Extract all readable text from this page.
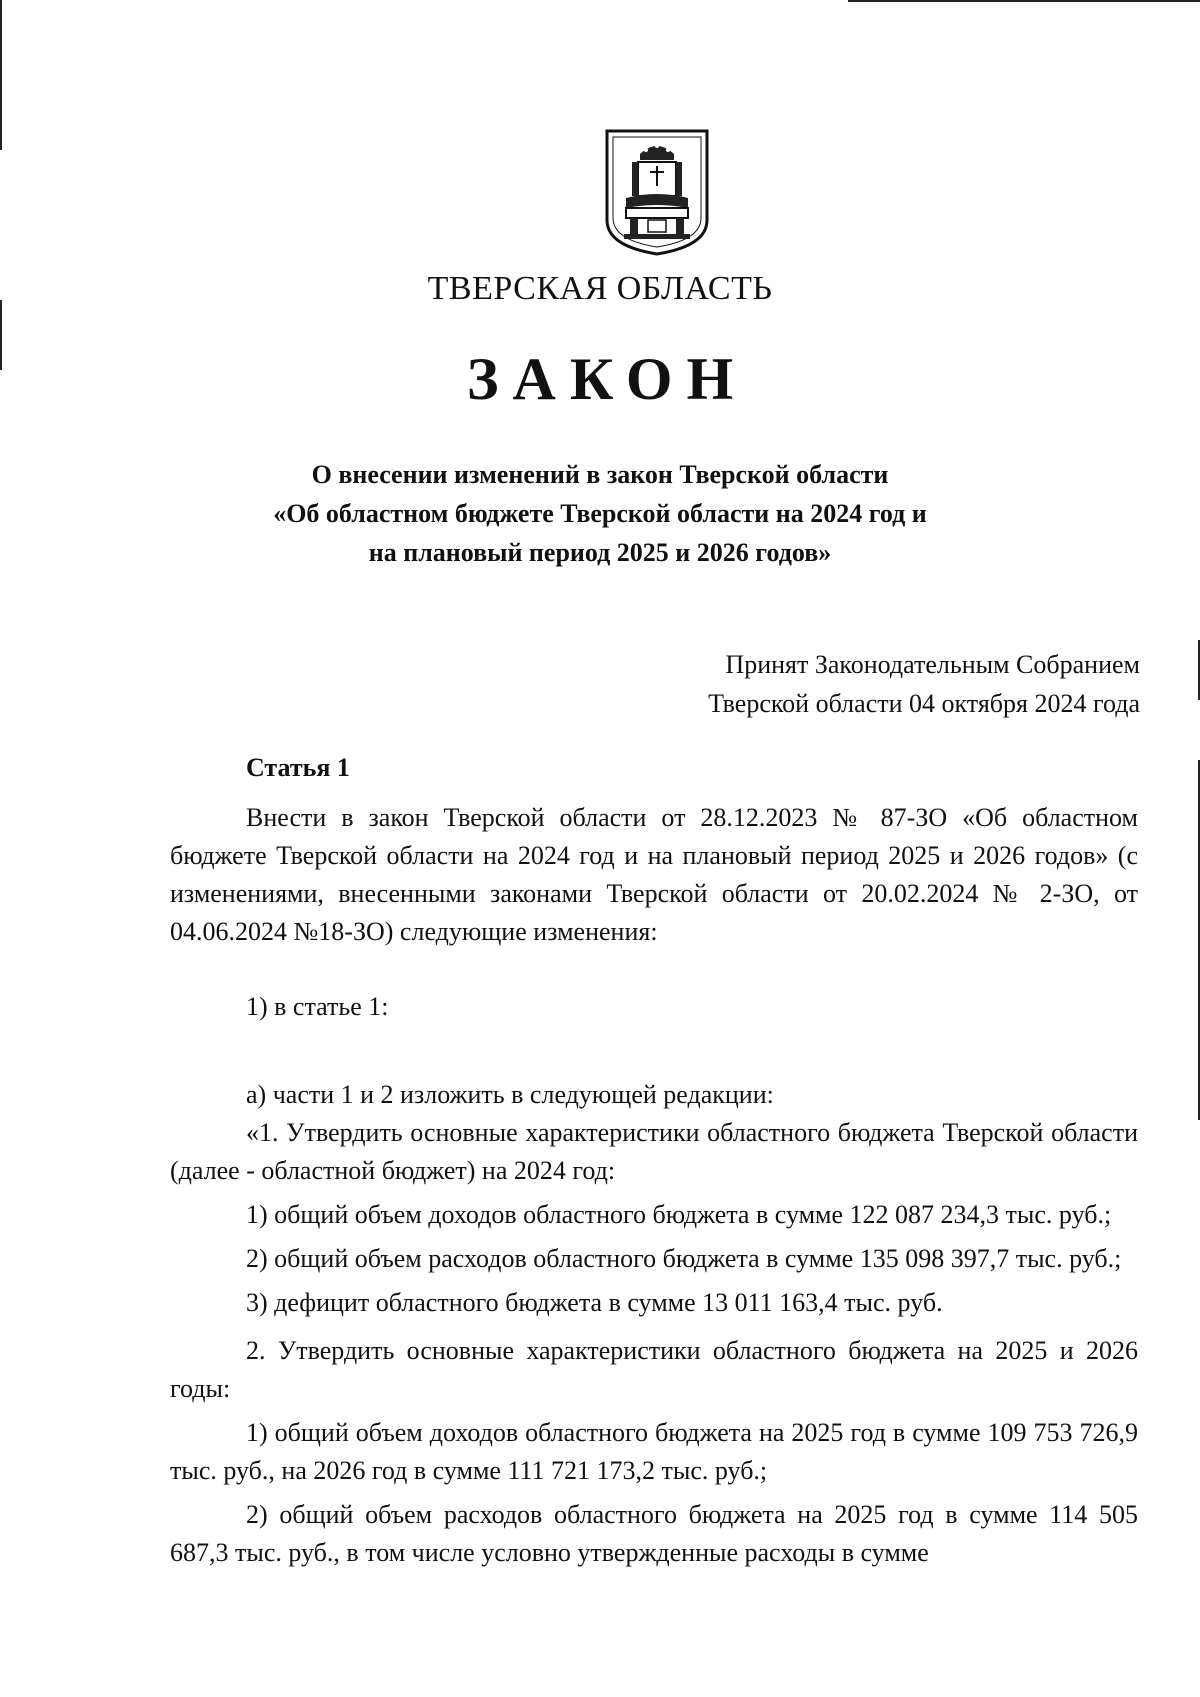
ТВЕРСКАЯ ОБЛАСТЬ
ЗАКОН
О внесении изменений в закон Тверской области
«Об областном бюджете Тверской области на 2024 год и
на плановый период 2025 и 2026 годов»
Принят Законодательным Собранием
Тверской области 04 октября 2024 года
Статья 1

Внести в закон Тверской области от 28.12.2023 № 87-ЗО «Об областном бюджете Тверской области на 2024 год и на плановый период 2025 и 2026 годов» (с изменениями, внесенными законами Тверской области от 20.02.2024 № 2-ЗО, от 04.06.2024 №18-ЗО) следующие изменения:

1) в статье 1:

а) части 1 и 2 изложить в следующей редакции:

«1. Утвердить основные характеристики областного бюджета Тверской области (далее - областной бюджет) на 2024 год:

1) общий объем доходов областного бюджета в сумме 122 087 234,3 тыс. руб.;

2) общий объем расходов областного бюджета в сумме 135 098 397,7 тыс. руб.;

3) дефицит областного бюджета в сумме 13 011 163,4 тыс. руб.

2. Утвердить основные характеристики областного бюджета на 2025 и 2026 годы:

1) общий объем доходов областного бюджета на 2025 год в сумме 109 753 726,9 тыс. руб., на 2026 год в сумме 111 721 173,2 тыс. руб.;

2) общий объем расходов областного бюджета на 2025 год в сумме 114 505 687,3 тыс. руб., в том числе условно утвержденные расходы в сумме
